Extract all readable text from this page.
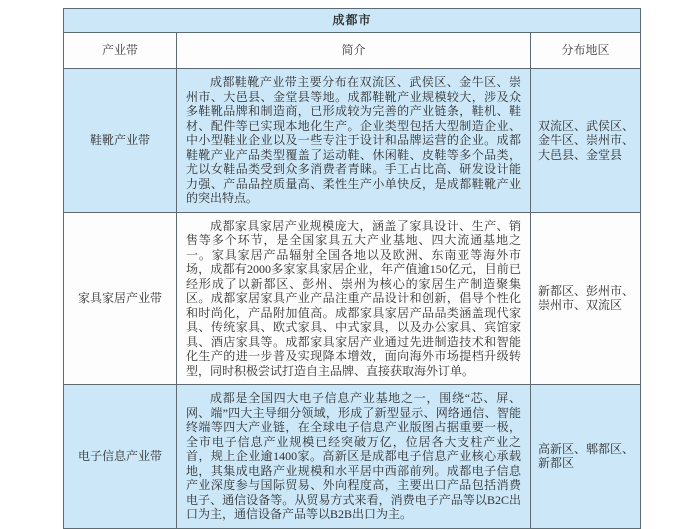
成都市		
产业带	简介	分布地区
鞋靴产业带	成都鞋靴产业带主要分布在双流区、武侯区、金牛区、崇州市、大邑县、金堂县等地。成都鞋靴产业规模较大，涉及众多鞋靴品牌和制造商，已形成较为完善的产业链条，鞋机、鞋材、配件等已实现本地化生产。企业类型包括大型制造企业、中小型鞋业企业以及一些专注于设计和品牌运营的企业。成都鞋靴产业产品类型覆盖了运动鞋、休闲鞋、皮鞋等多个品类，尤以女鞋品类受到众多消费者青睐。手工占比高、研发设计能力强、产品品控质量高、柔性生产小单快反，是成都鞋靴产业的突出特点。	双流区、武侯区、金牛区、崇州市、大邑县、金堂县
家具家居产业带	成都家具家居产业规模庞大，涵盖了家具设计、生产、销售等多个环节，是全国家具五大产业基地、四大流通基地之一。家具家居产品辐射全国各地以及欧洲、东南亚等海外市场，成都有2000多家家具家居企业，年产值逾150亿元，目前已经形成了以新都区、彭州、崇州为核心的家居生产制造聚集区。成都家居家具产业产品注重产品设计和创新，倡导个性化和时尚化，产品附加值高。成都家具家居产品品类涵盖现代家具、传统家具、欧式家具、中式家具，以及办公家具、宾馆家具、酒店家具等。成都家具家居产业通过先进制造技术和智能化生产的进一步普及实现降本增效，面向海外市场提档升级转型，同时积极尝试打造自主品牌、直接获取海外订单。	新都区、彭州市、崇州市、双流区
电子信息产业带	成都是全国四大电子信息产业基地之一，围绕“芯、屏、网、端”四大主导细分领域，形成了新型显示、网络通信、智能终端等四大产业链，在全球电子信息产业版图占据重要一极，全市电子信息产业规模已经突破万亿，位居各大支柱产业之首，规上企业逾1400家。高新区是成都电子信息产业核心承载地，其集成电路产业规模和水平居中西部前列。成都电子信息产业深度参与国际贸易、外向程度高，主要出口产品包括消费电子、通信设备等。从贸易方式来看，消费电子产品等以B2C出口为主，通信设备产品等以B2B出口为主。	高新区、郫都区、新都区
